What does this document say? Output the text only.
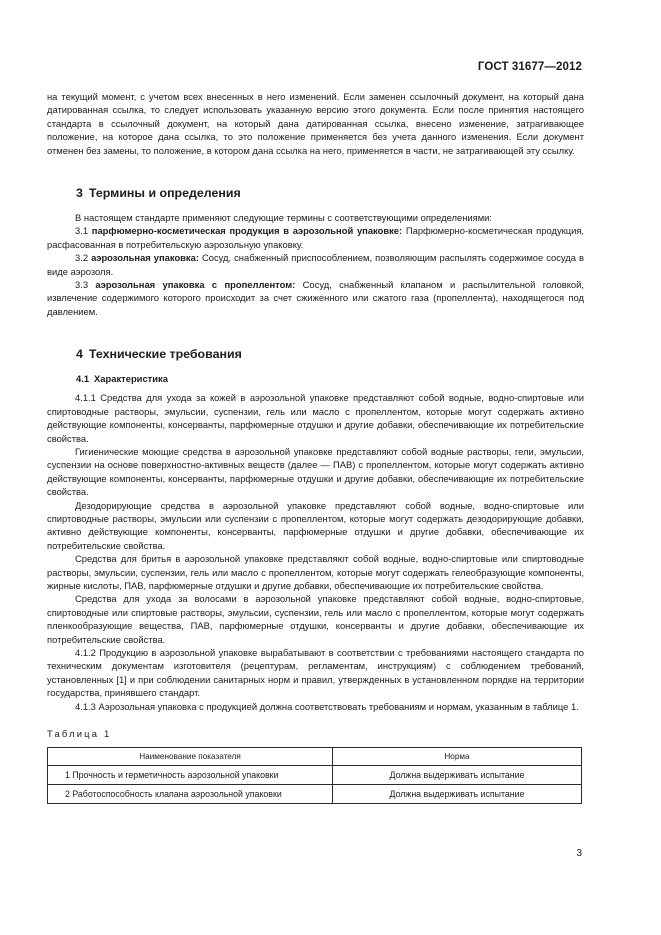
ГОСТ 31677—2012

на текущий момент, с учетом всех внесенных в него изменений. Если заменен ссылочный документ, на который дана датированная ссылка, то следует использовать указанную версию этого документа. Если после принятия настоящего стандарта в ссылочный документ, на который дана датированная ссылка, внесено изменение, затрагивающее положение, на которое дана ссылка, то это положение применяется без учета данного изменения. Если документ отменен без замены, то положение, в котором дана ссылка на него, применяется в части, не затрагивающей эту ссылку.

3 Термины и определения

В настоящем стандарте применяют следующие термины с соответствующими определениями:

3.1 парфюмерно-косметическая продукция в аэрозольной упаковке: Парфюмерно-косметическая продукция, расфасованная в потребительскую аэрозольную упаковку.

3.2 аэрозольная упаковка: Сосуд, снабженный приспособлением, позволяющим распылять содержимое сосуда в виде аэрозоля.

3.3 аэрозольная упаковка с пропеллентом: Сосуд, снабженный клапаном и распылительной головкой, извлечение содержимого которого происходит за счет сжиженного или сжатого газа (пропеллента), находящегося под давлением.

4 Технические требования
4.1 Характеристика

4.1.1 Средства для ухода за кожей в аэрозольной упаковке представляют собой водные, водно-спиртовые или спиртоводные растворы, эмульсии, суспензии, гель или масло с пропеллентом, которые могут содержать активно действующие компоненты, консерванты, парфюмерные отдушки и другие добавки, обеспечивающие их потребительские свойства.

Гигиенические моющие средства в аэрозольной упаковке представляют собой водные растворы, гели, эмульсии, суспензии на основе поверхностно-активных веществ (далее — ПАВ) с пропеллентом, которые могут содержать активно действующие компоненты, консерванты, парфюмерные отдушки и другие добавки, обеспечивающие их потребительские свойства.

Дезодорирующие средства в аэрозольной упаковке представляют собой водные, водно-спиртовые или спиртоводные растворы, эмульсии или суспензии с пропеллентом, которые могут содержать дезодорирующие добавки, активно действующие компоненты, консерванты, парфюмерные отдушки и другие добавки, обеспечивающие их потребительские свойства.

Средства для бритья в аэрозольной упаковке представляют собой водные, водно-спиртовые или спиртоводные растворы, эмульсии, суспензии, гель или масло с пропеллентом, которые могут содержать гелеобразующие компоненты, жирные кислоты, ПАВ, парфюмерные отдушки и другие добавки, обеспечивающие их потребительские свойства.

Средства для ухода за волосами в аэрозольной упаковке представляют собой водные, водно-спиртовые, спиртоводные или спиртовые растворы, эмульсии, суспензии, гель или масло с пропеллентом, которые могут содержать пленкообразующие вещества, ПАВ, парфюмерные отдушки, консерванты и другие добавки, обеспечивающие их потребительские свойства.

4.1.2 Продукцию в аэрозольной упаковке вырабатывают в соответствии с требованиями настоящего стандарта по техническим документам изготовителя (рецептурам, регламентам, инструкциям) с соблюдением требований, установленных [1] и при соблюдении санитарных норм и правил, утвержденных в установленном порядке на территории государства, принявшего стандарт.

4.1.3 Аэрозольная упаковка с продукцией должна соответствовать требованиям и нормам, указанным в таблице 1.

Таблица 1
Наименование показателя	Норма
1 Прочность и герметичность аэрозольной упаковки	Должна выдерживать испытание
2 Работоспособность клапана аэрозольной упаковки	Должна выдерживать испытание
3
